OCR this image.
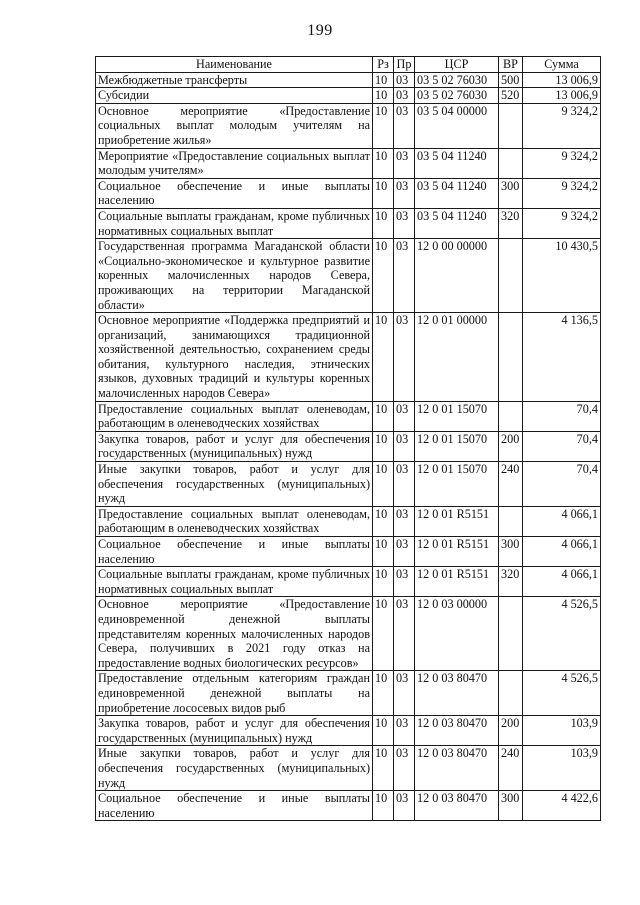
199
Наименование	Рз	Пр	ЦСР	ВР	Сумма
Межбюджетные трансферты	10	03	03 5 02 76030	500	13 006,9
Субсидии	10	03	03 5 02 76030	520	13 006,9
Основное мероприятие «Предоставление социальных выплат молодым учителям на приобретение жилья»	10	03	03 5 04 00000		9 324,2
Мероприятие «Предоставление социальных выплат молодым учителям»	10	03	03 5 04 11240		9 324,2
Социальное обеспечение и иные выплаты населению	10	03	03 5 04 11240	300	9 324,2
Социальные выплаты гражданам, кроме публичных нормативных социальных выплат	10	03	03 5 04 11240	320	9 324,2
Государственная программа Магаданской области «Социально-экономическое и культурное развитие коренных малочисленных народов Севера, проживающих на территории Магаданской области»	10	03	12 0 00 00000		10 430,5
Основное мероприятие «Поддержка предприятий и организаций, занимающихся традиционной хозяйственной деятельностью, сохранением среды обитания, культурного наследия, этнических языков, духовных традиций и культуры коренных малочисленных народов Севера»	10	03	12 0 01 00000		4 136,5
Предоставление социальных выплат оленеводам, работающим в оленеводческих хозяйствах	10	03	12 0 01 15070		70,4
Закупка товаров, работ и услуг для обеспечения государственных (муниципальных) нужд	10	03	12 0 01 15070	200	70,4
Иные закупки товаров, работ и услуг для обеспечения государственных (муниципальных) нужд	10	03	12 0 01 15070	240	70,4
Предоставление социальных выплат оленеводам, работающим в оленеводческих хозяйствах	10	03	12 0 01 R5151		4 066,1
Социальное обеспечение и иные выплаты населению	10	03	12 0 01 R5151	300	4 066,1
Социальные выплаты гражданам, кроме публичных нормативных социальных выплат	10	03	12 0 01 R5151	320	4 066,1
Основное мероприятие «Предоставление единовременной денежной выплаты представителям коренных малочисленных народов Севера, получивших в 2021 году отказ на предоставление водных биологических ресурсов»	10	03	12 0 03 00000		4 526,5
Предоставление отдельным категориям граждан единовременной денежной выплаты на приобретение лососевых видов рыб	10	03	12 0 03 80470		4 526,5
Закупка товаров, работ и услуг для обеспечения государственных (муниципальных) нужд	10	03	12 0 03 80470	200	103,9
Иные закупки товаров, работ и услуг для обеспечения государственных (муниципальных) нужд	10	03	12 0 03 80470	240	103,9
Социальное обеспечение и иные выплаты населению	10	03	12 0 03 80470	300	4 422,6
